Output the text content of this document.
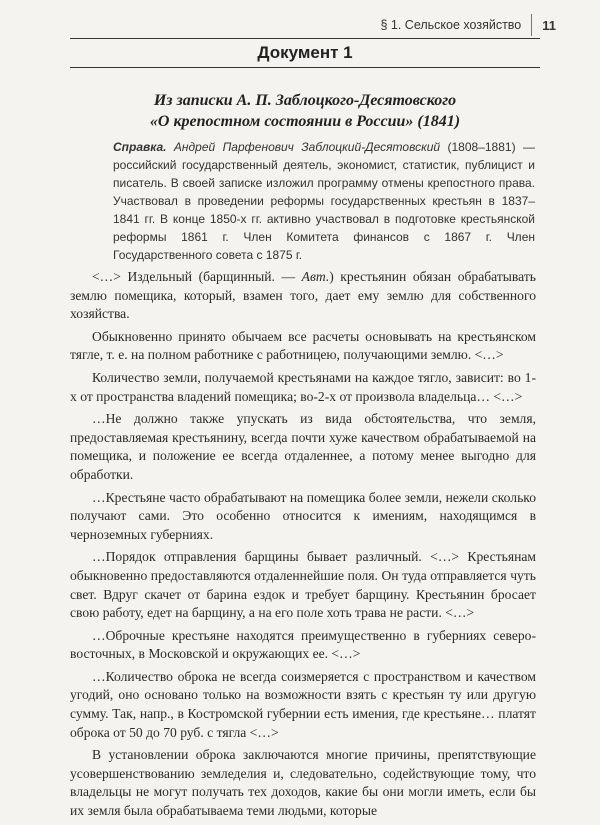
§ 1. Сельское хозяйство 11
Документ 1
Из записки А. П. Заблоцкого-Десятовского
«О крепостном состоянии в России» (1841)
Справка. Андрей Парфенович Заблоцкий-Десятовский (1808–1881) — российский государственный деятель, экономист, статистик, публицист и писатель. В своей записке изложил программу отмены крепостного права. Участвовал в проведении реформы государственных крестьян в 1837–1841 гг. В конце 1850-х гг. активно участвовал в подготовке крестьянской реформы 1861 г. Член Комитета финансов с 1867 г. Член Государственного совета с 1875 г.

<…> Издельный (барщинный. — Авт.) крестьянин обязан обрабатывать землю помещика, который, взамен того, дает ему землю для собственного хозяйства.

Обыкновенно принято обычаем все расчеты основывать на крестьянском тягле, т. е. на полном работнике с работницею, получающими землю. <…>

Количество земли, получаемой крестьянами на каждое тягло, зависит: во 1-х от пространства владений помещика; во-2-х от произвола владельца… <…>

…Не должно также упускать из вида обстоятельства, что земля, предоставляемая крестьянину, всегда почти хуже качеством обрабатываемой на помещика, и положение ее всегда отдаленнее, а потому менее выгодно для обработки.

…Крестьяне часто обрабатывают на помещика более земли, нежели сколько получают сами. Это особенно относится к имениям, находящимся в черноземных губерниях.

…Порядок отправления барщины бывает различный. <…> Крестьянам обыкновенно предоставляются отдаленнейшие поля. Он туда отправляется чуть свет. Вдруг скачет от барина ездок и требует барщину. Крестьянин бросает свою работу, едет на барщину, а на его поле хоть трава не расти. <…>

…Оброчные крестьяне находятся преимущественно в губерниях северо-восточных, в Московской и окружающих ее. <…>

…Количество оброка не всегда соизмеряется с пространством и качеством угодий, оно основано только на возможности взять с крестьян ту или другую сумму. Так, напр., в Костромской губернии есть имения, где крестьяне… платят оброка от 50 до 70 руб. с тягла <…>

В установлении оброка заключаются многие причины, препятствующие усовершенствованию земледелия и, следовательно, содействующие тому, что владельцы не могут получать тех доходов, какие бы они могли иметь, если бы их земля была обрабатываема теми людьми, которые
